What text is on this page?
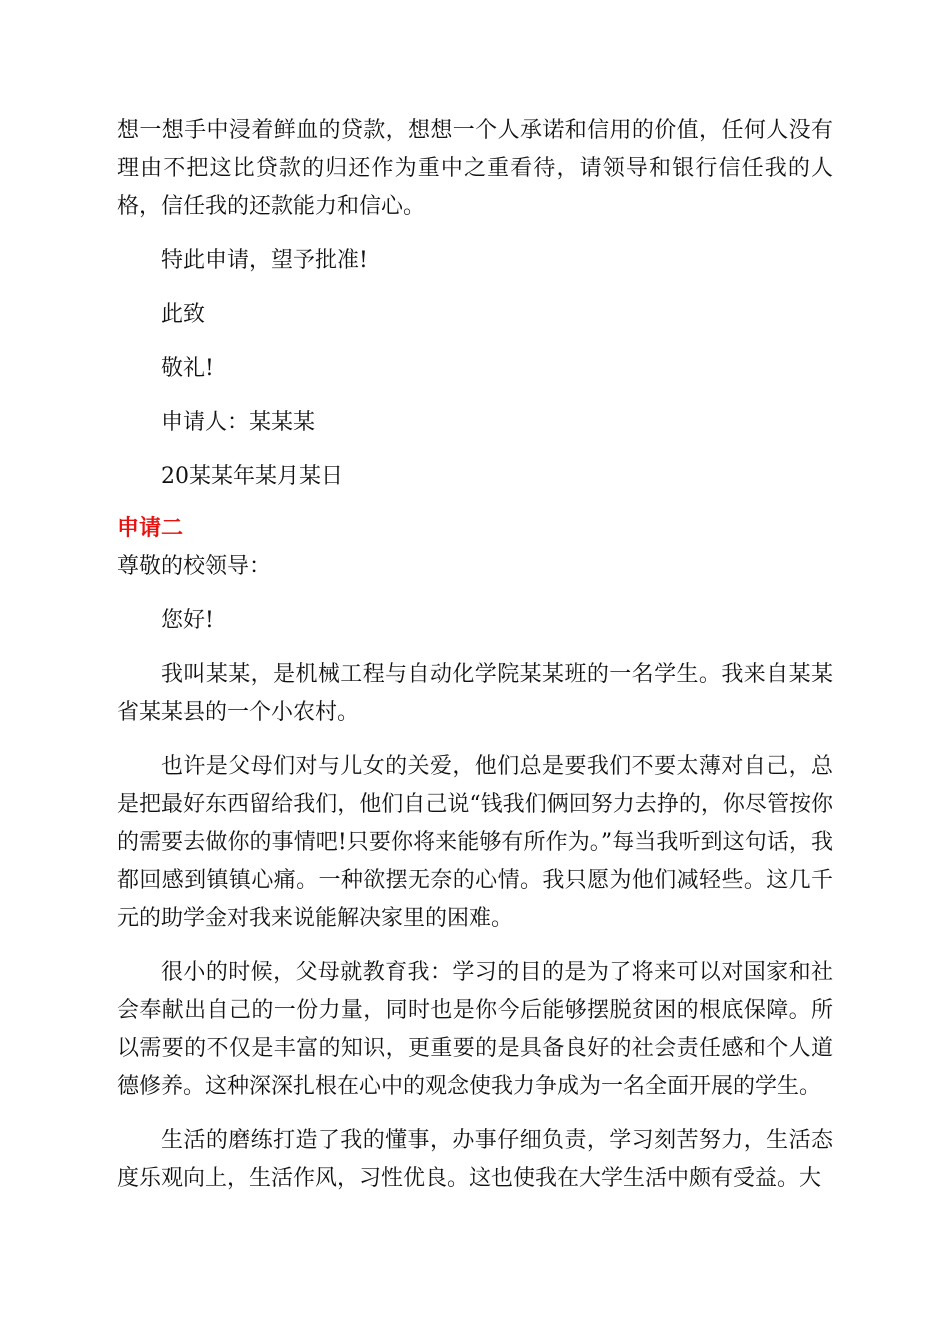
想一想手中浸着鲜血的贷款，想想一个人承诺和信用的价值，任何人没有理由不把这比贷款的归还作为重中之重看待，请领导和银行信任我的人格，信任我的还款能力和信心。

特此申请，望予批准!

此致

敬礼!

申请人：某某某

20某某年某月某日

申请二

尊敬的校领导：

您好!

我叫某某，是机械工程与自动化学院某某班的一名学生。我来自某某省某某县的一个小农村。

也许是父母们对与儿女的关爱，他们总是要我们不要太薄对自己，总是把最好东西留给我们，他们自己说“钱我们俩回努力去挣的，你尽管按你的需要去做你的事情吧!只要你将来能够有所作为。”每当我听到这句话，我都回感到镇镇心痛。一种欲摆无奈的心情。我只愿为他们减轻些。这几千元的助学金对我来说能解决家里的困难。

很小的时候，父母就教育我：学习的目的是为了将来可以对国家和社会奉献出自己的一份力量，同时也是你今后能够摆脱贫困的根底保障。所以需要的不仅是丰富的知识，更重要的是具备良好的社会责任感和个人道德修养。这种深深扎根在心中的观念使我力争成为一名全面开展的学生。

生活的磨练打造了我的懂事，办事仔细负责，学习刻苦努力，生活态度乐观向上，生活作风，习性优良。这也使我在大学生活中颇有受益。大
